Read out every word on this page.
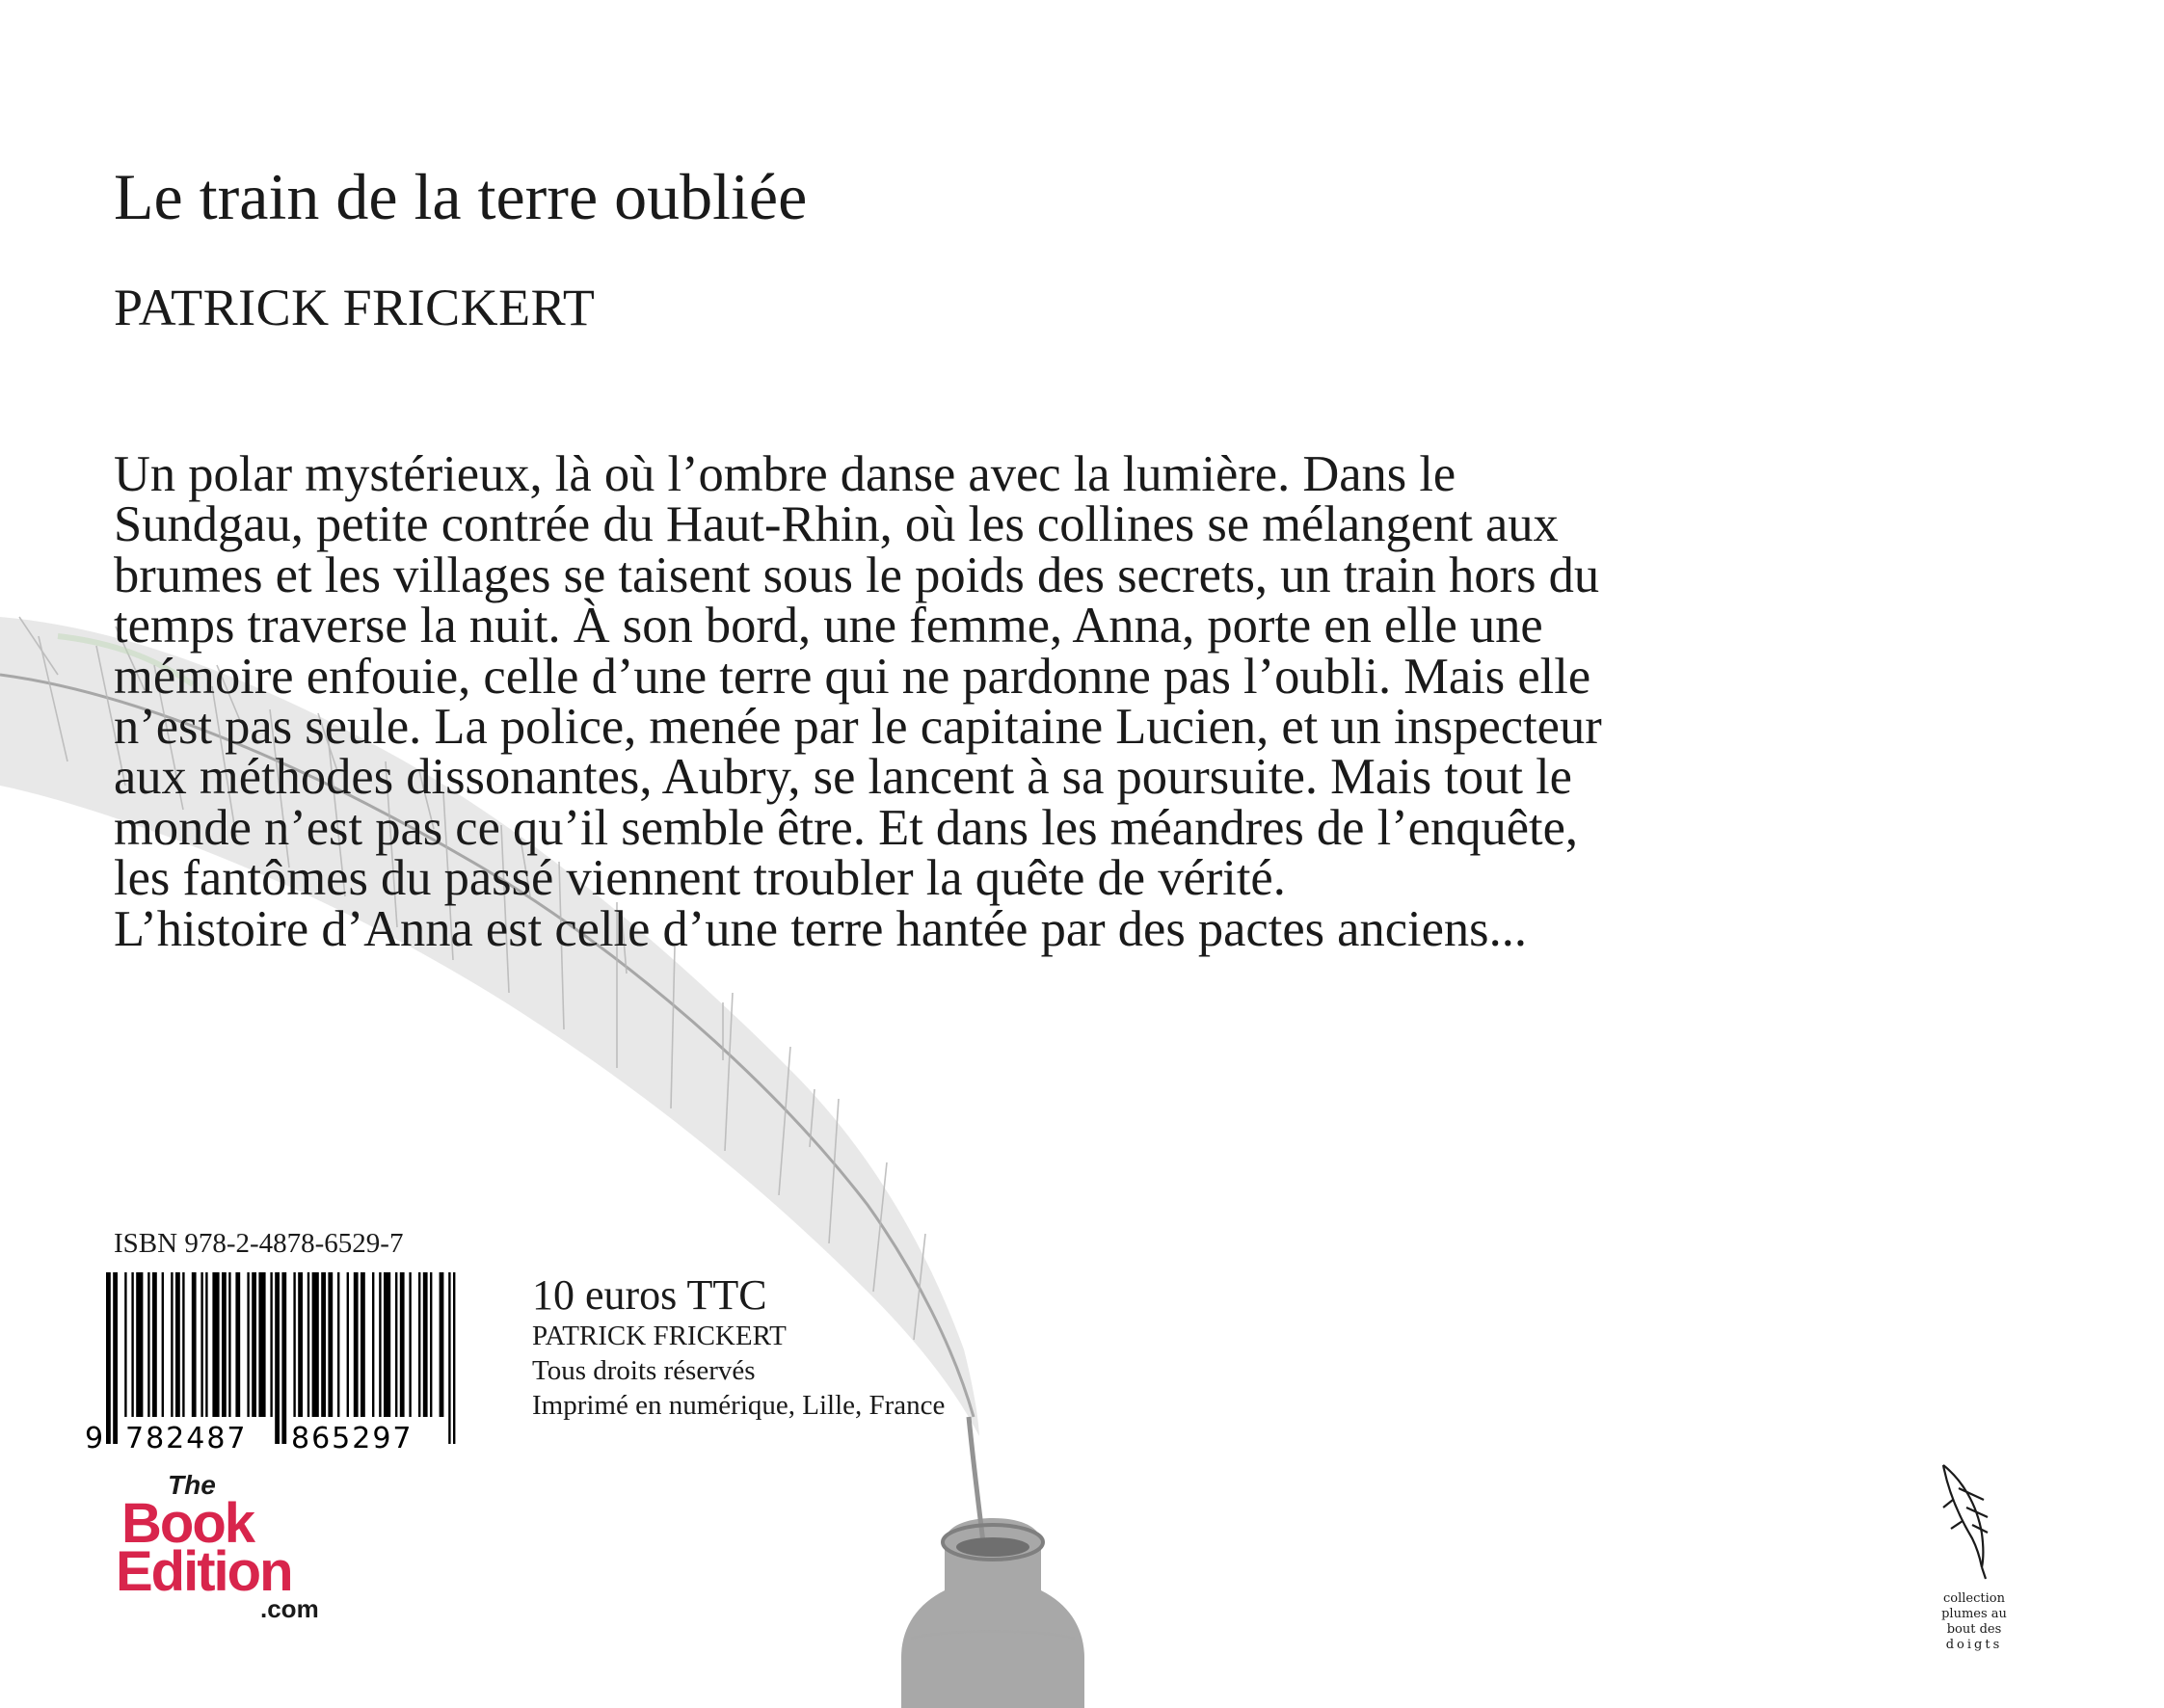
Le train de la terre oubliée
PATRICK FRICKERT

Un polar mystérieux, là où l’ombre danse avec la lumière. Dans le Sundgau, petite contrée du Haut-Rhin, où les collines se mélangent aux brumes et les villages se taisent sous le poids des secrets, un train hors du temps traverse la nuit. À son bord, une femme, Anna, porte en elle une mémoire enfouie, celle d’une terre qui ne pardonne pas l’oubli. Mais elle n’est pas seule. La police, menée par le capitaine Lucien, et un inspecteur aux méthodes dissonantes, Aubry, se lancent à sa poursuite. Mais tout le monde n’est pas ce qu’il semble être. Et dans les méandres de l’enquête, les fantômes du passé viennent troubler la quête de vérité.

L’histoire d’Anna est celle d’une terre hantée par des pactes anciens...

ISBN 978-2-4878-6529-7
9 782487 865297
10 euros TTC
PATRICK FRICKERT
Tous droits réservés
Imprimé en numérique, Lille, France
The
Book
Edition
.com	collection
plumes au
bout des
doigts
